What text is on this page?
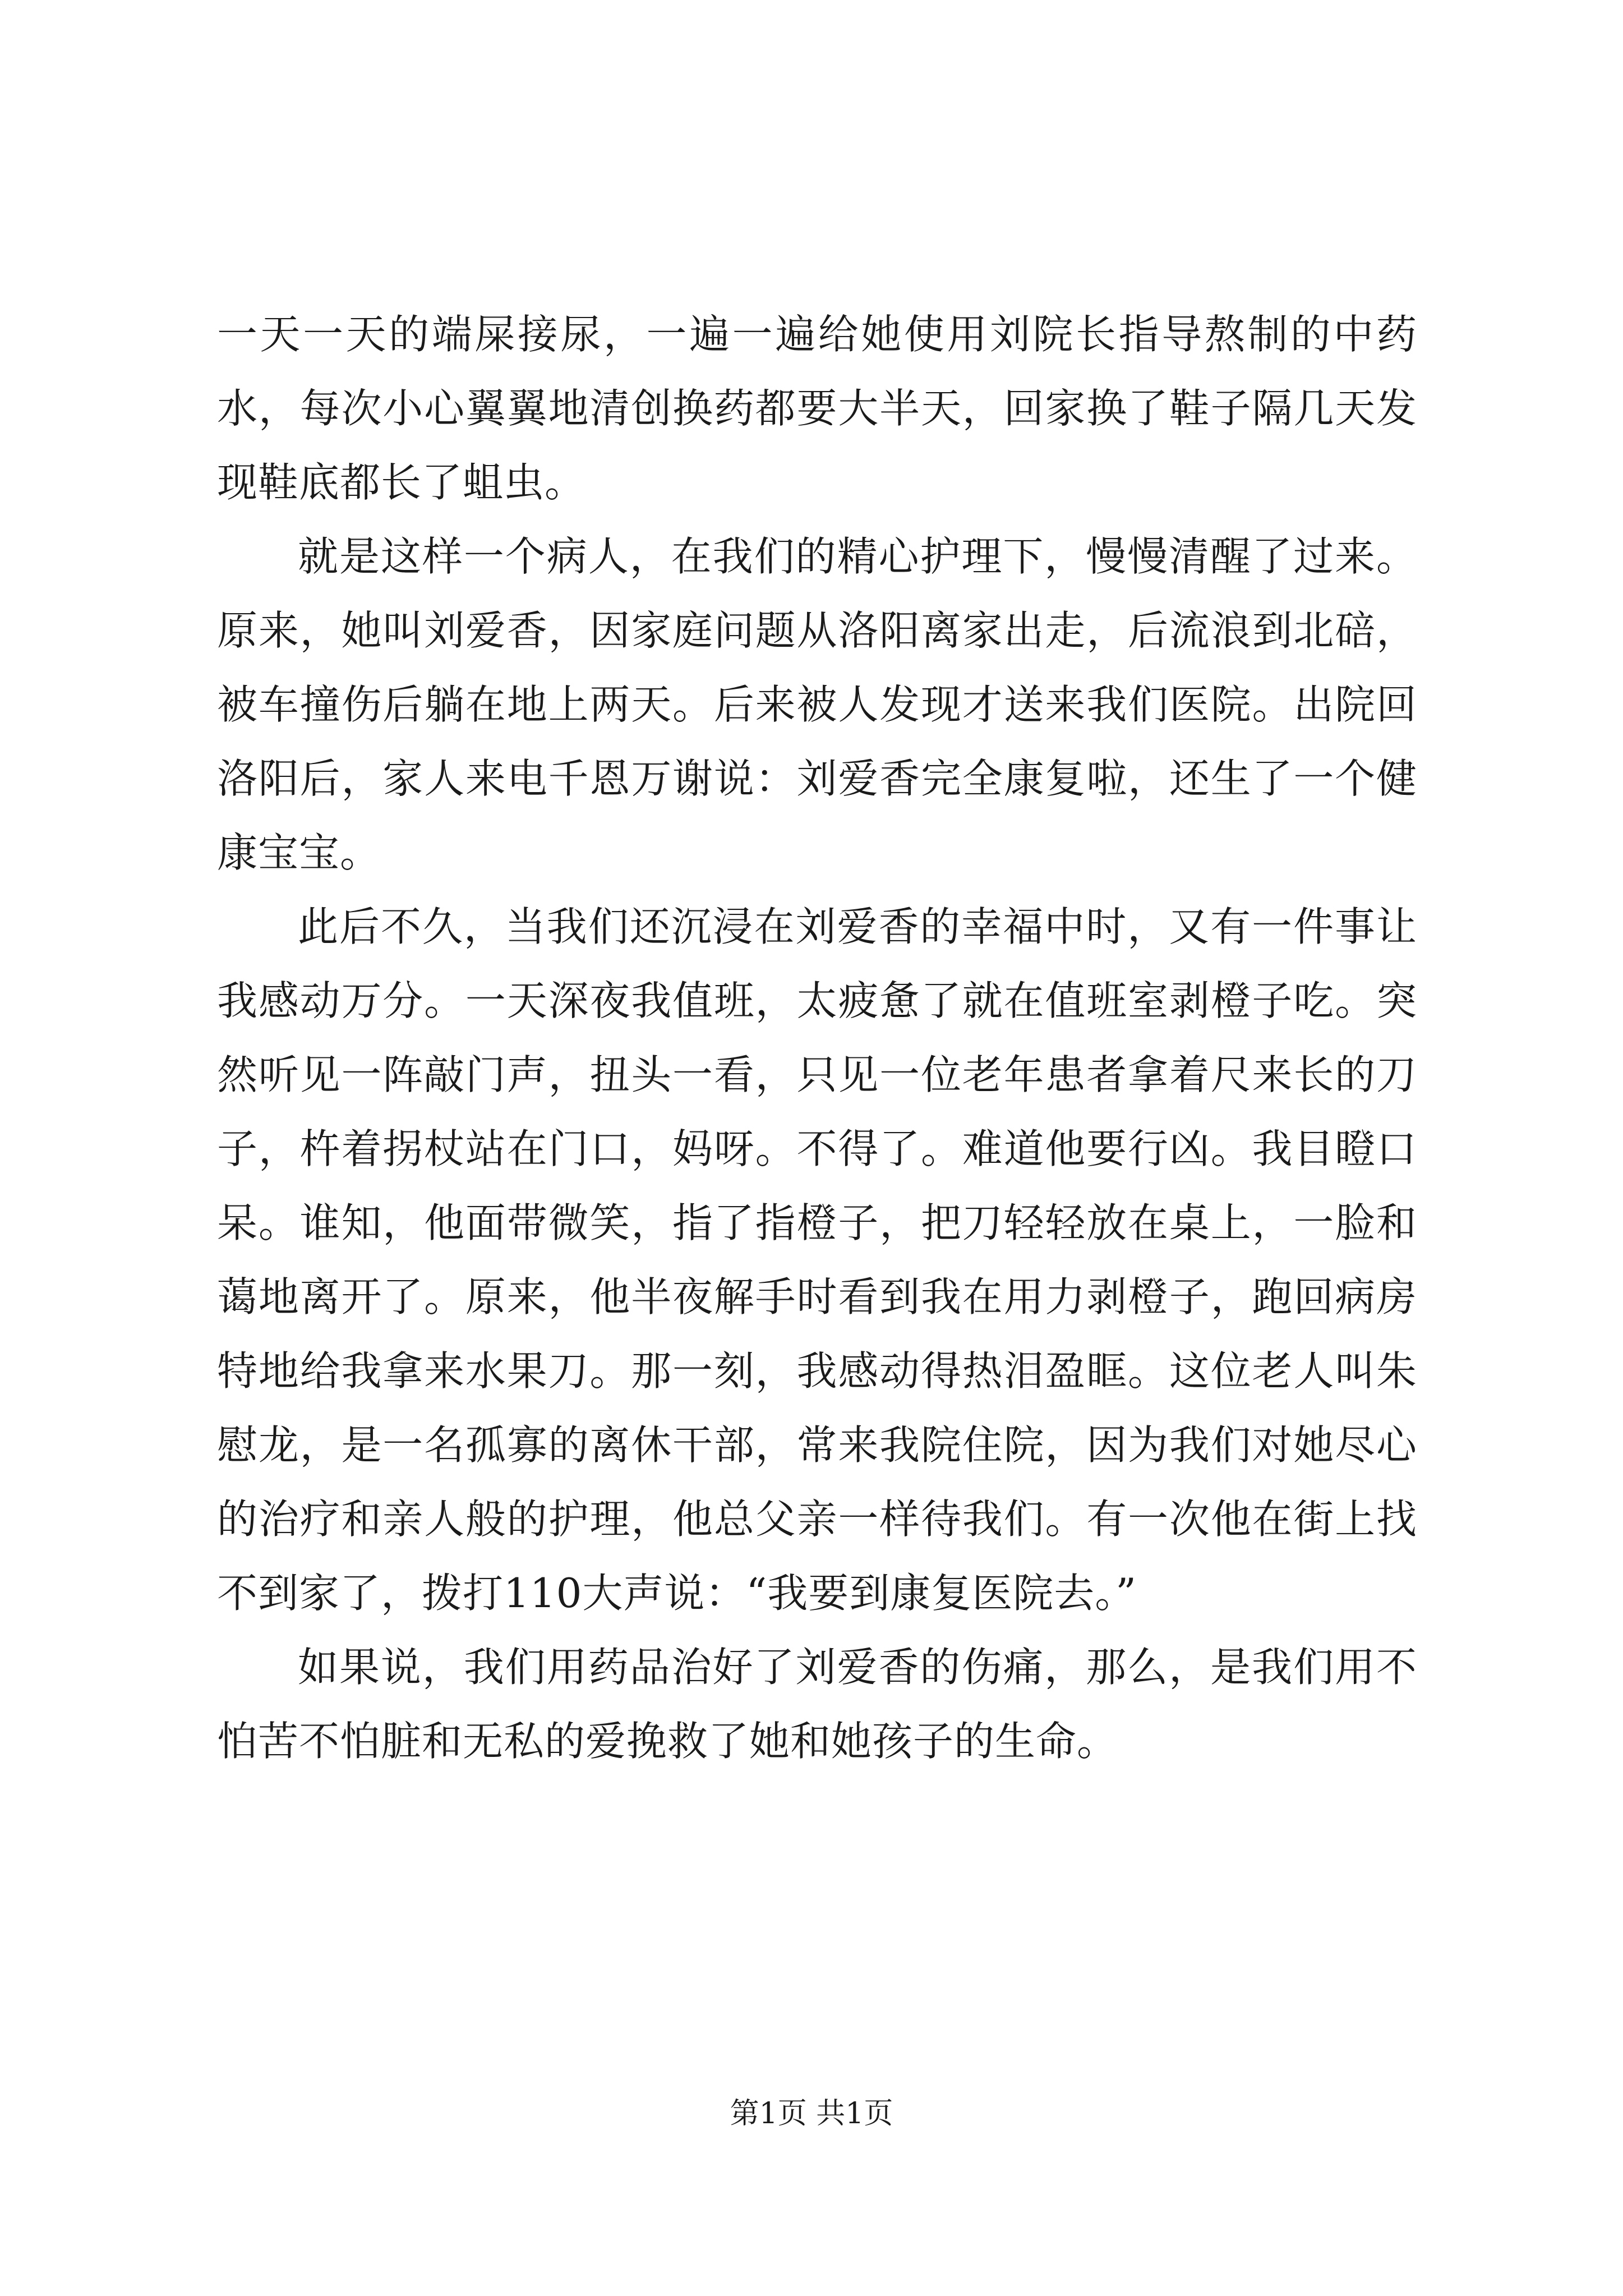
一天一天的端屎接尿，一遍一遍给她使用刘院长指导熬制的中药水，每次小心翼翼地清创换药都要大半天，回家换了鞋子隔几天发现鞋底都长了蛆虫。

就是这样一个病人，在我们的精心护理下，慢慢清醒了过来。原来，她叫刘爱香，因家庭问题从洛阳离家出走，后流浪到北碚，被车撞伤后躺在地上两天。后来被人发现才送来我们医院。出院回洛阳后，家人来电千恩万谢说：刘爱香完全康复啦，还生了一个健康宝宝。

此后不久，当我们还沉浸在刘爱香的幸福中时，又有一件事让我感动万分。一天深夜我值班，太疲惫了就在值班室剥橙子吃。突然听见一阵敲门声，扭头一看，只见一位老年患者拿着尺来长的刀子，杵着拐杖站在门口，妈呀。不得了。难道他要行凶。我目瞪口呆。谁知，他面带微笑，指了指橙子，把刀轻轻放在桌上，一脸和蔼地离开了。原来，他半夜解手时看到我在用力剥橙子，跑回病房特地给我拿来水果刀。那一刻，我感动得热泪盈眶。这位老人叫朱慰龙，是一名孤寡的离休干部，常来我院住院，因为我们对她尽心的治疗和亲人般的护理，他总父亲一样待我们。有一次他在街上找不到家了，拨打110大声说：“我要到康复医院去。”

如果说，我们用药品治好了刘爱香的伤痛，那么，是我们用不怕苦不怕脏和无私的爱挽救了她和她孩子的生命。

第1页 共1页
